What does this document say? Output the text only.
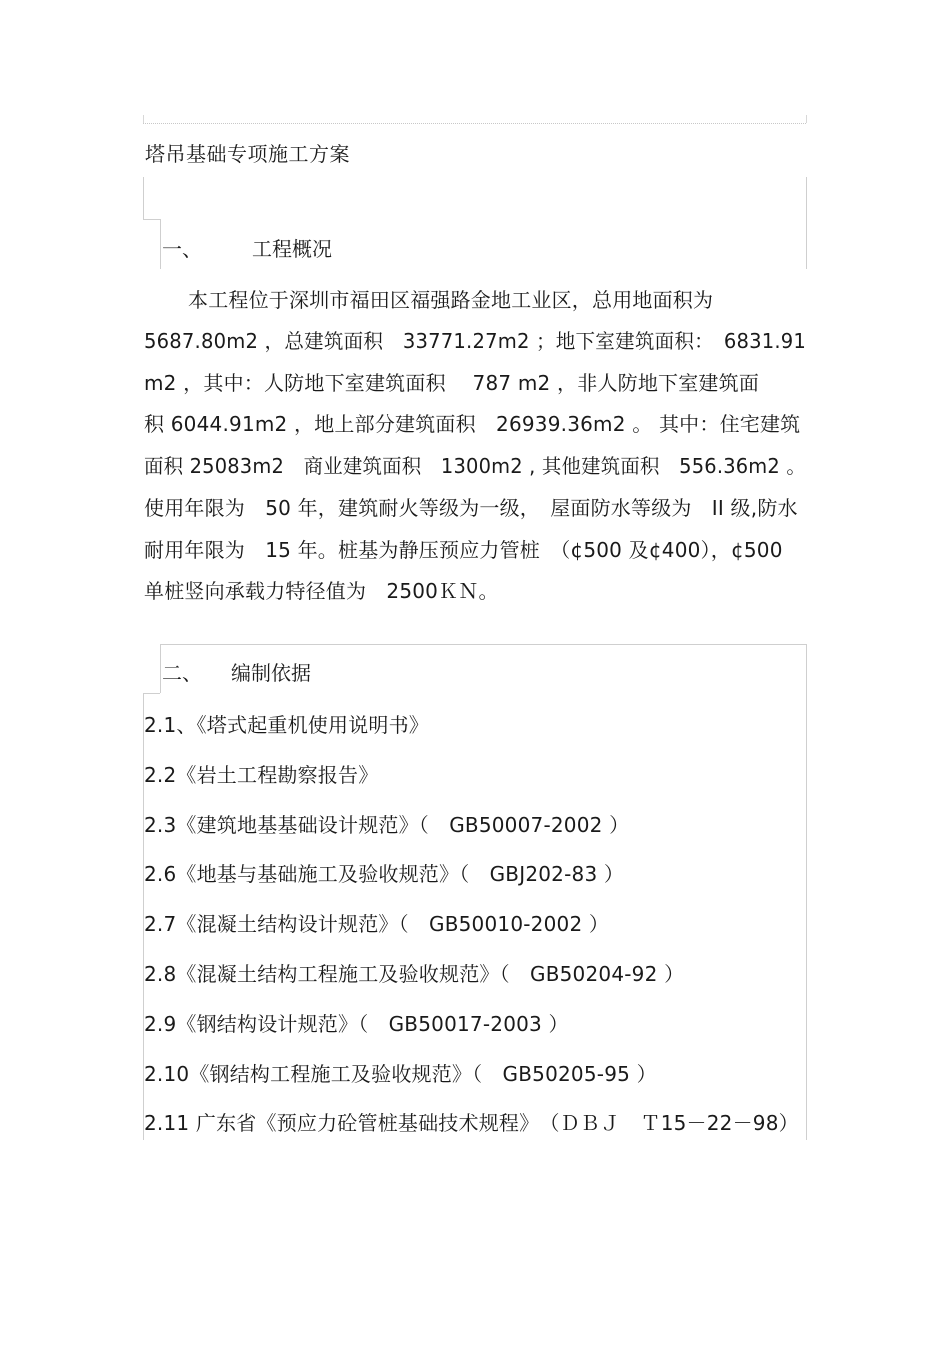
塔吊基础专项施工方案
一、	工程概况
本工程位于深圳市福田区福强路金地工业区，总用地面积为
5687.80m2 ，总建筑面积　33771.27m2 ；地下室建筑面积：　6831.91
m2 ，其中：人防地下室建筑面积　 787 m2 ，非人防地下室建筑面
积 6044.91m2 ，地上部分建筑面积　26939.36m2 。 其中：住宅建筑
面积 25083m2　商业建筑面积　1300m2 , 其他建筑面积　556.36m2 。
使用年限为　50 年，建筑耐火等级为一级，　屋面防水等级为　II 级,防水
耐用年限为　15 年。桩基为静压预应力管桩　（¢500 及¢400），¢500
单桩竖向承载力特径值为　2500ＫＮ。
二、 编制依据
2.1、《塔式起重机使用说明书》
2.2《岩土工程勘察报告》
2.3《建筑地基基础设计规范》（　GB50007-2002 ）
2.6《地基与基础施工及验收规范》（　GBJ202-83 ）
2.7《混凝土结构设计规范》（　GB50010-2002 ）
2.8《混凝土结构工程施工及验收规范》（　GB50204-92 ）
2.9《钢结构设计规范》（　GB50017-2003 ）
2.10《钢结构工程施工及验收规范》（　GB50205-95 ）
2.11 广东省《预应力砼管桩基础技术规程》　（ＤＢＪ　Ｔ15－22－98）
